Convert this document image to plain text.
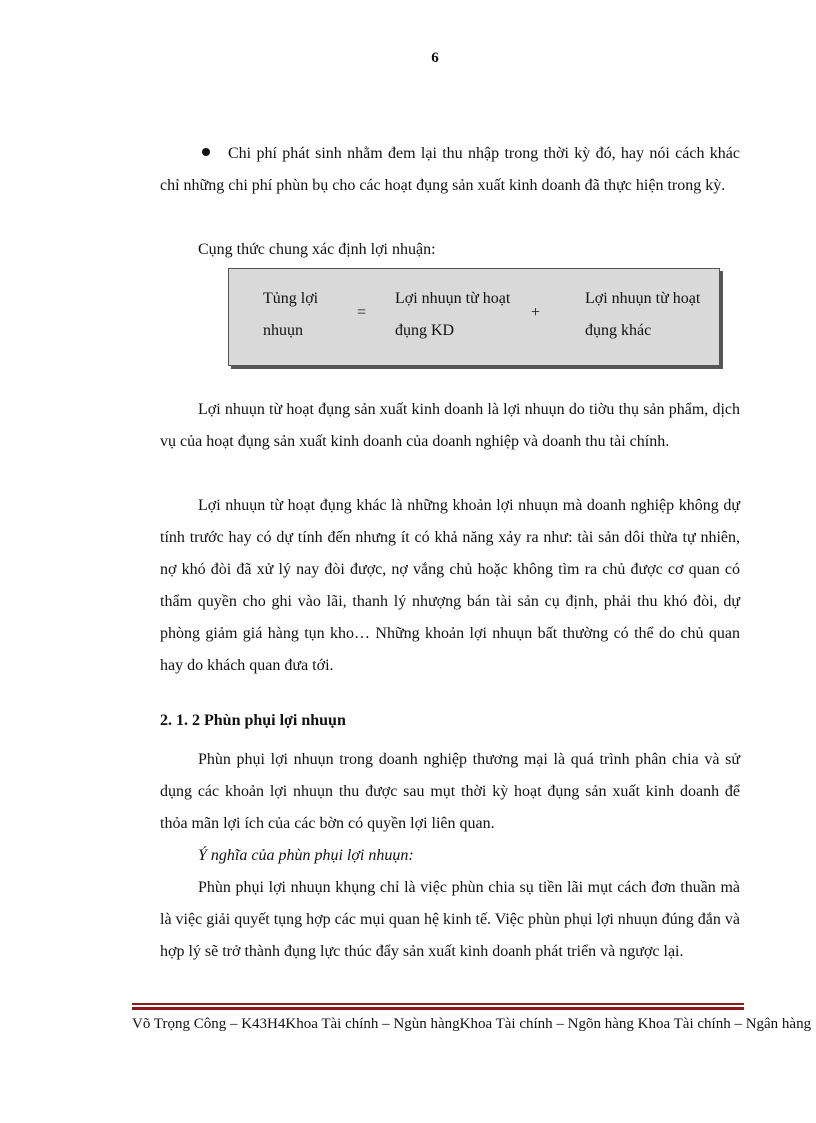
6

Chi phí phát sinh nhằm đem lại thu nhập trong thời kỳ đó, hay nói cách khác chỉ những chi phí phùn bụ cho các hoạt đụng sản xuất kinh doanh đã thực hiện trong kỳ.

Cụng thức chung xác định lợi nhuận:

Tủng lợi nhuụn
=
Lợi nhuụn từ hoạt đụng KD
+
Lợi nhuụn từ hoạt đụng khác

Lợi nhuụn từ hoạt đụng sản xuất kinh doanh là lợi nhuụn do tiờu thụ sản phẩm, dịch vụ của hoạt đụng sản xuất kinh doanh của doanh nghiệp và doanh thu tài chính.

Lợi nhuụn từ hoạt đụng khác là những khoản lợi nhuụn mà doanh nghiệp không dự tính trước hay có dự tính đến nhưng ít có khả năng xảy ra như: tài sản dôi thừa tự nhiên, nợ khó đòi đã xử lý nay đòi được, nợ vắng chủ hoặc không tìm ra chủ được cơ quan có thẩm quyền cho ghi vào lãi, thanh lý nhượng bán tài sản cụ định, phải thu khó đòi, dự phòng giảm giá hàng tụn kho… Những khoản lợi nhuụn bất thường có thể do chủ quan hay do khách quan đưa tới.

2. 1. 2 Phùn phụi lợi nhuụn

Phùn phụi lợi nhuụn trong doanh nghiệp thương mại là quá trình phân chia và sử dụng các khoản lợi nhuụn thu được sau mụt thời kỳ hoạt đụng sản xuất kinh doanh để thỏa mãn lợi ích của các bờn có quyền lợi liên quan.

Ý nghĩa của phùn phụi lợi nhuụn:

Phùn phụi lợi nhuụn khụng chỉ là việc phùn chia sụ tiền lãi mụt cách đơn thuần mà là việc giải quyết tụng hợp các mụi quan hệ kinh tế. Việc phùn phụi lợi nhuụn đúng đắn và hợp lý sẽ trở thành đụng lực thúc đẩy sản xuất kinh doanh phát triển và ngược lại.

Võ Trọng Công – K43H4Khoa Tài chính – Ngùn hàngKhoa Tài chính – Ngõn hàng Khoa Tài chính – Ngân hàng
